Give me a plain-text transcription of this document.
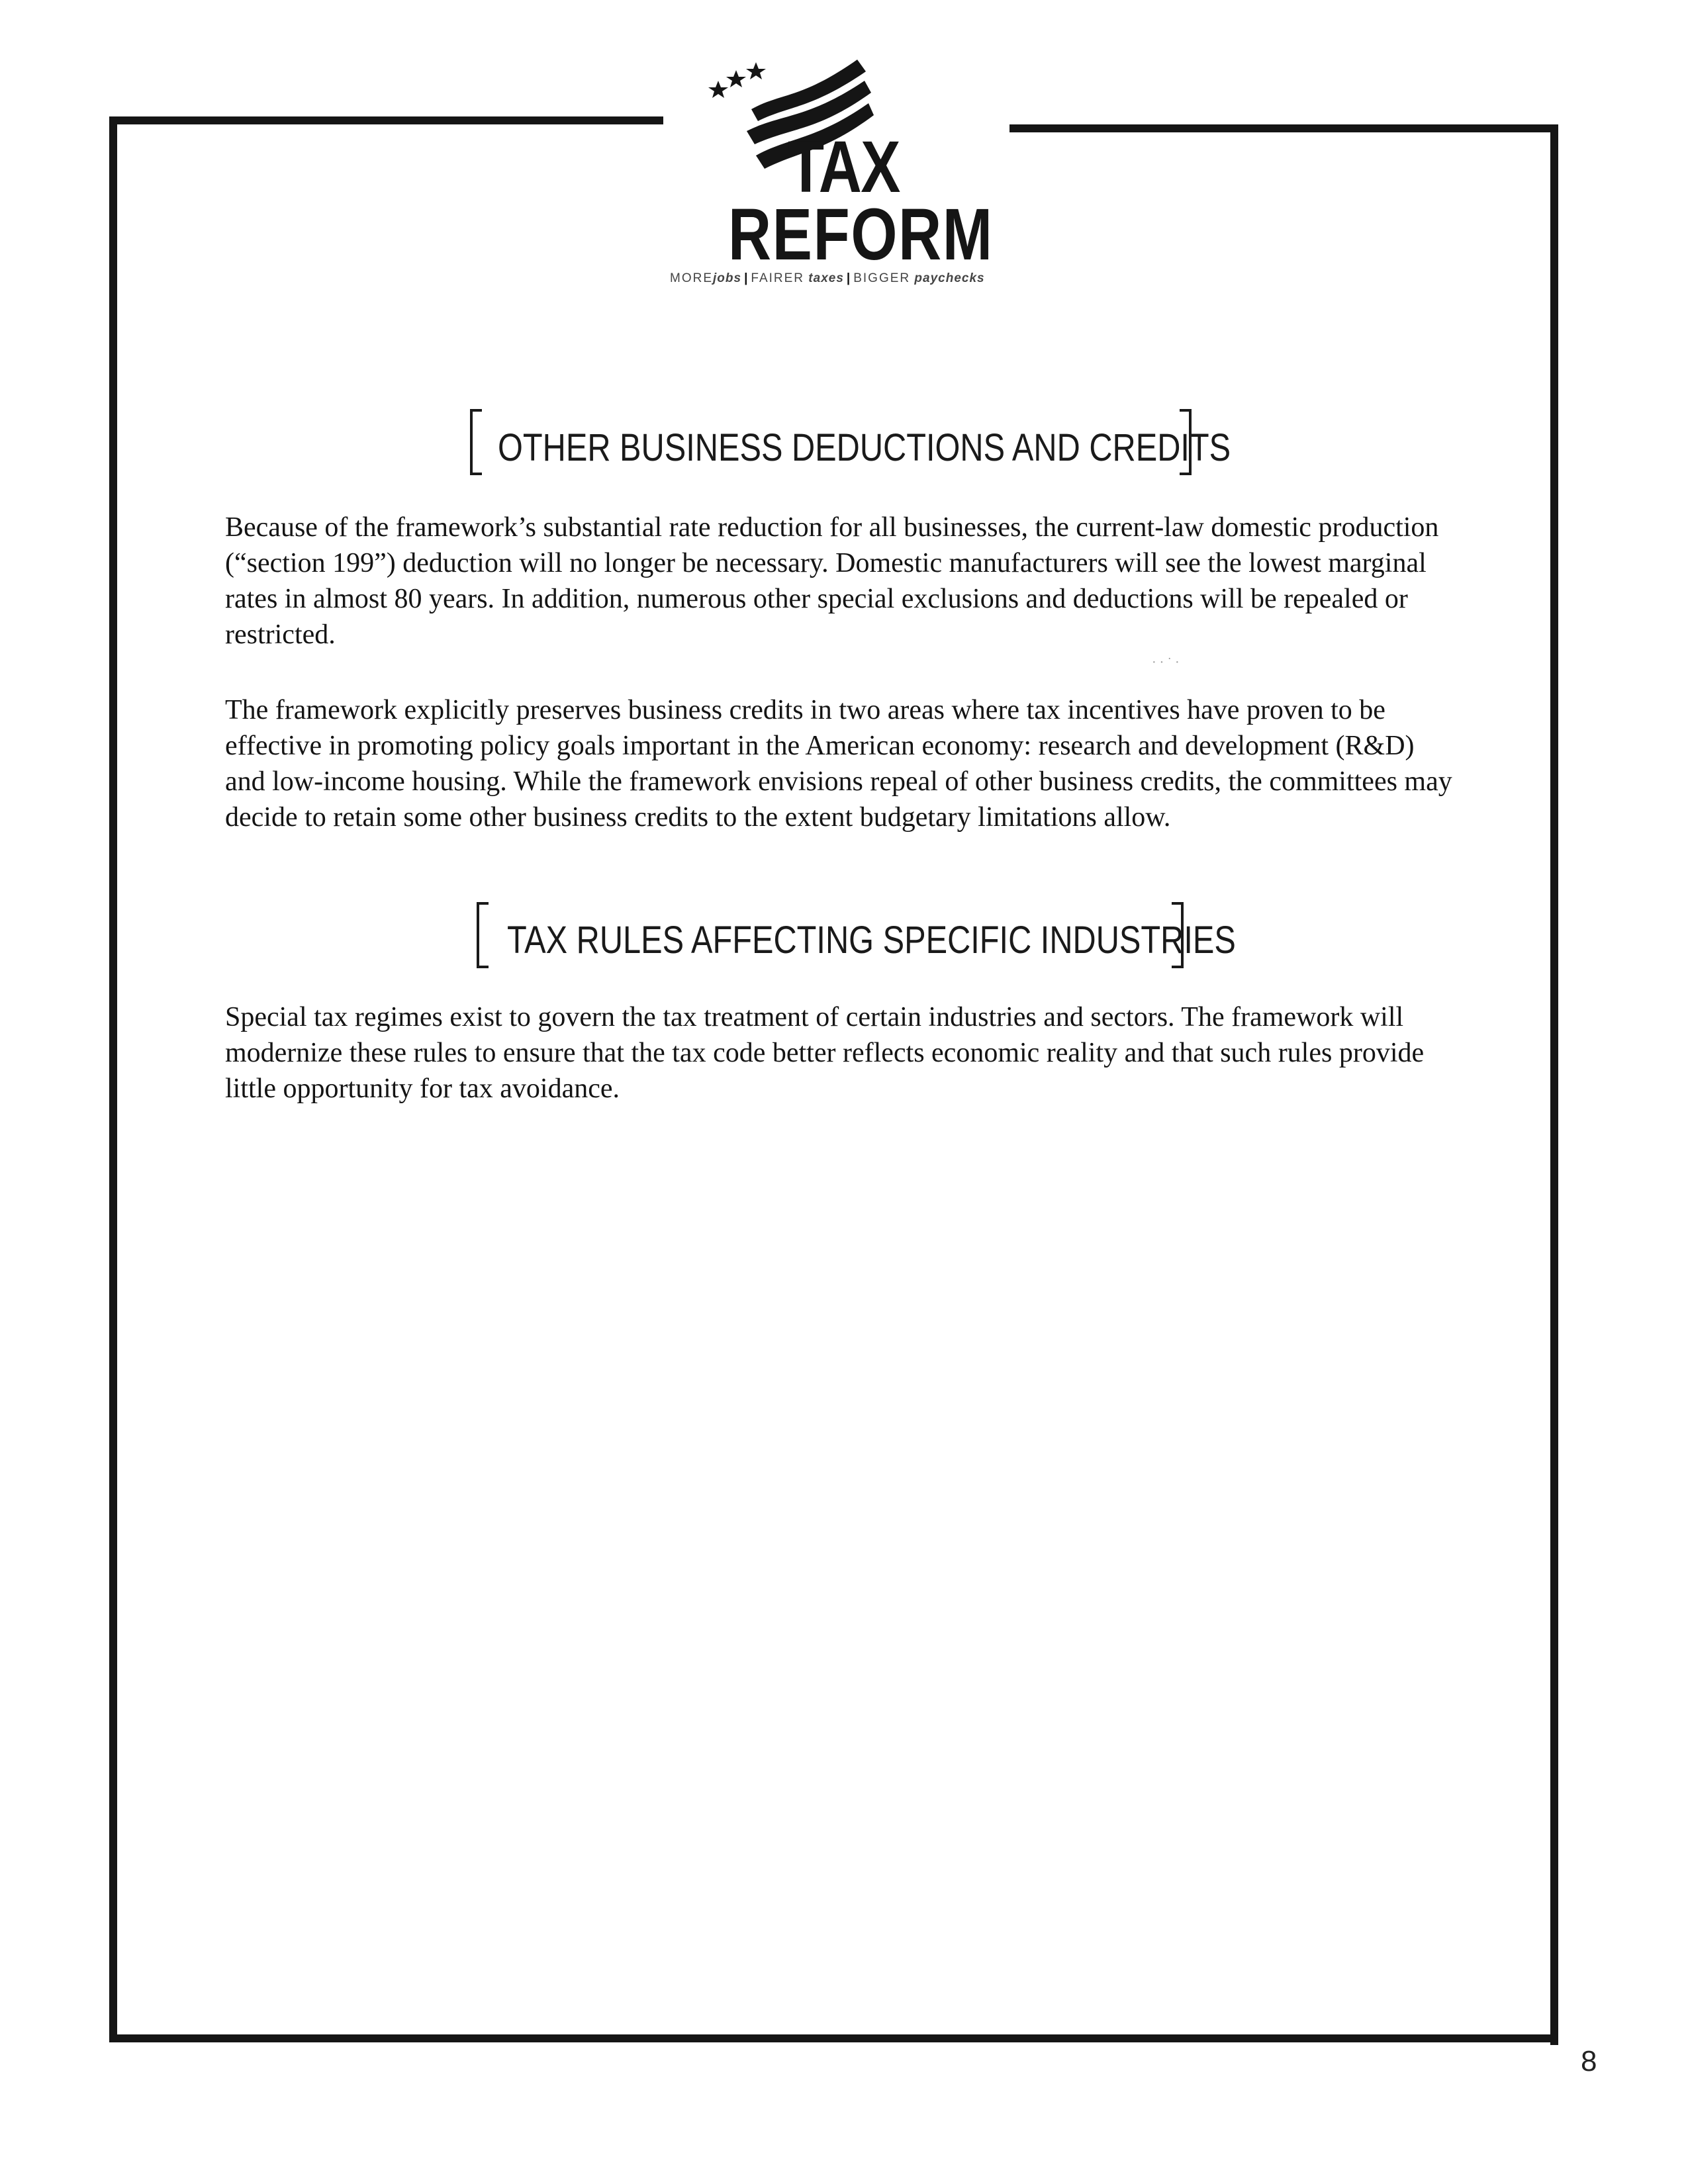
TAX
REFORM
MOREjobs | FAIRER taxes | BIGGER paychecks
OTHER BUSINESS DEDUCTIONS AND CREDITS
Because of the framework’s substantial rate reduction for all businesses, the current-law domestic production (“section 199”) deduction will no longer be necessary. Domestic manufacturers will see the lowest marginal rates in almost 80 years. In addition, numerous other special exclusions and deductions will be repealed or restricted.
· · ˙ ·
The framework explicitly preserves business credits in two areas where tax incentives have proven to be effective in promoting policy goals important in the American economy: research and development (R&D) and low-income housing. While the framework envisions repeal of other business credits, the committees may decide to retain some other business credits to the extent budgetary limitations allow.
TAX RULES AFFECTING SPECIFIC INDUSTRIES
Special tax regimes exist to govern the tax treatment of certain industries and sectors. The framework will modernize these rules to ensure that the tax code better reflects economic reality and that such rules provide little opportunity for tax avoidance.
8
